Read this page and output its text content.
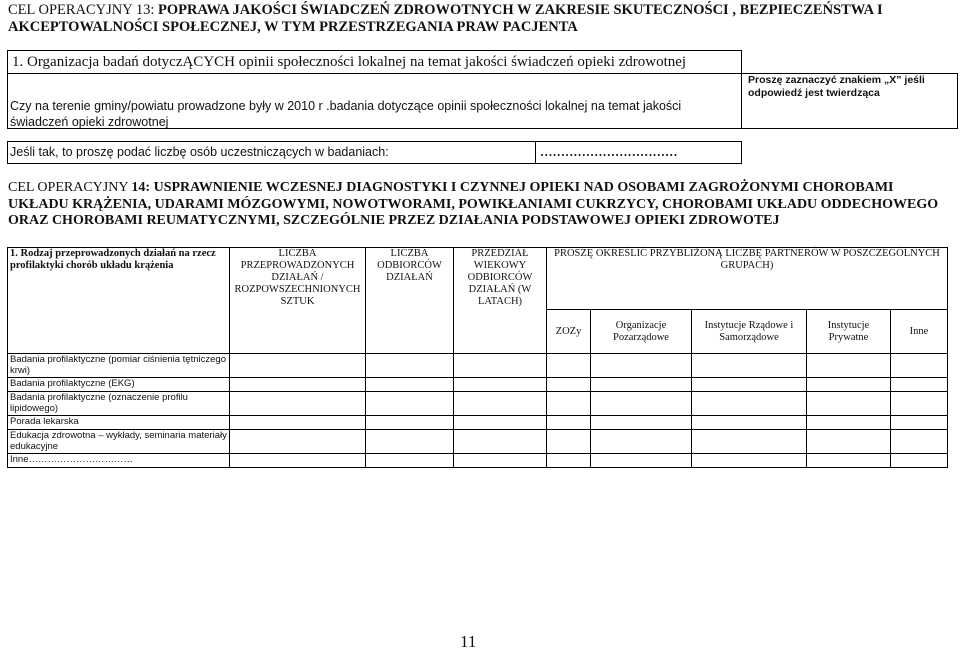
CEL OPERACYJNY 13: POPRAWA JAKOŚCI ŚWIADCZEŃ ZDROWOTNYCH W ZAKRESIE SKUTECZNOŚCI , BEZPIECZEŃSTWA I AKCEPTOWALNOŚCI SPOŁECZNEJ, W TYM PRZESTRZEGANIA PRAW PACJENTA
1. Organizacja badań dotyczĄCYCH opinii społeczności lokalnej na temat jakości świadczeń opieki zdrowotnej
Czy na terenie gminy/powiatu prowadzone były w 2010 r .badania dotyczące opinii społeczności lokalnej na temat jakości świadczeń opieki zdrowotnej
Proszę zaznaczyć znakiem „X” jeśli odpowiedź jest twierdząca
Jeśli tak, to proszę podać liczbę osób uczestniczących w badaniach:	……………………………
CEL OPERACYJNY 14: USPRAWNIENIE WCZESNEJ DIAGNOSTYKI I CZYNNEJ OPIEKI NAD OSOBAMI ZAGROŻONYMI CHOROBAMI UKŁADU KRĄŻENIA, UDARAMI MÓZGOWYMI, NOWOTWORAMI, POWIKŁANIAMI CUKRZYCY, CHOROBAMI UKŁADU ODDECHOWEGO ORAZ CHOROBAMI REUMATYCZNYMI, SZCZEGÓLNIE PRZEZ DZIAŁANIA PODSTAWOWEJ OPIEKI ZDROWOTEJ
1. Rodzaj przeprowadzonych działań na rzecz profilaktyki chorób układu krążenia	LICZBA PRZEPROWADZONYCH DZIAŁAŃ / ROZPOWSZECHNIONYCH SZTUK	LICZBA ODBIORCÓW DZIAŁAŃ	PRZEDZIAŁ WIEKOWY ODBIORCÓW DZIAŁAŃ (W LATACH)	PROSZĘ OKREŚLIĆ PRZYBLIŻONĄ LICZBĘ PARTNERÓW W POSZCZEGÓLNYCH GRUPACH)				
				ZOZy	Organizacje Pozarządowe	Instytucje Rządowe i Samorządowe	Instytucje Prywatne	Inne
Badania profilaktyczne (pomiar ciśnienia tętniczego krwi)								
Badania profilaktyczne (EKG)								
Badania profilaktyczne (oznaczenie profilu lipidowego)								
Porada lekarska								
Edukacja zdrowotna – wykłady, seminaria materiały edukacyjne								
Inne……………………………								
11
